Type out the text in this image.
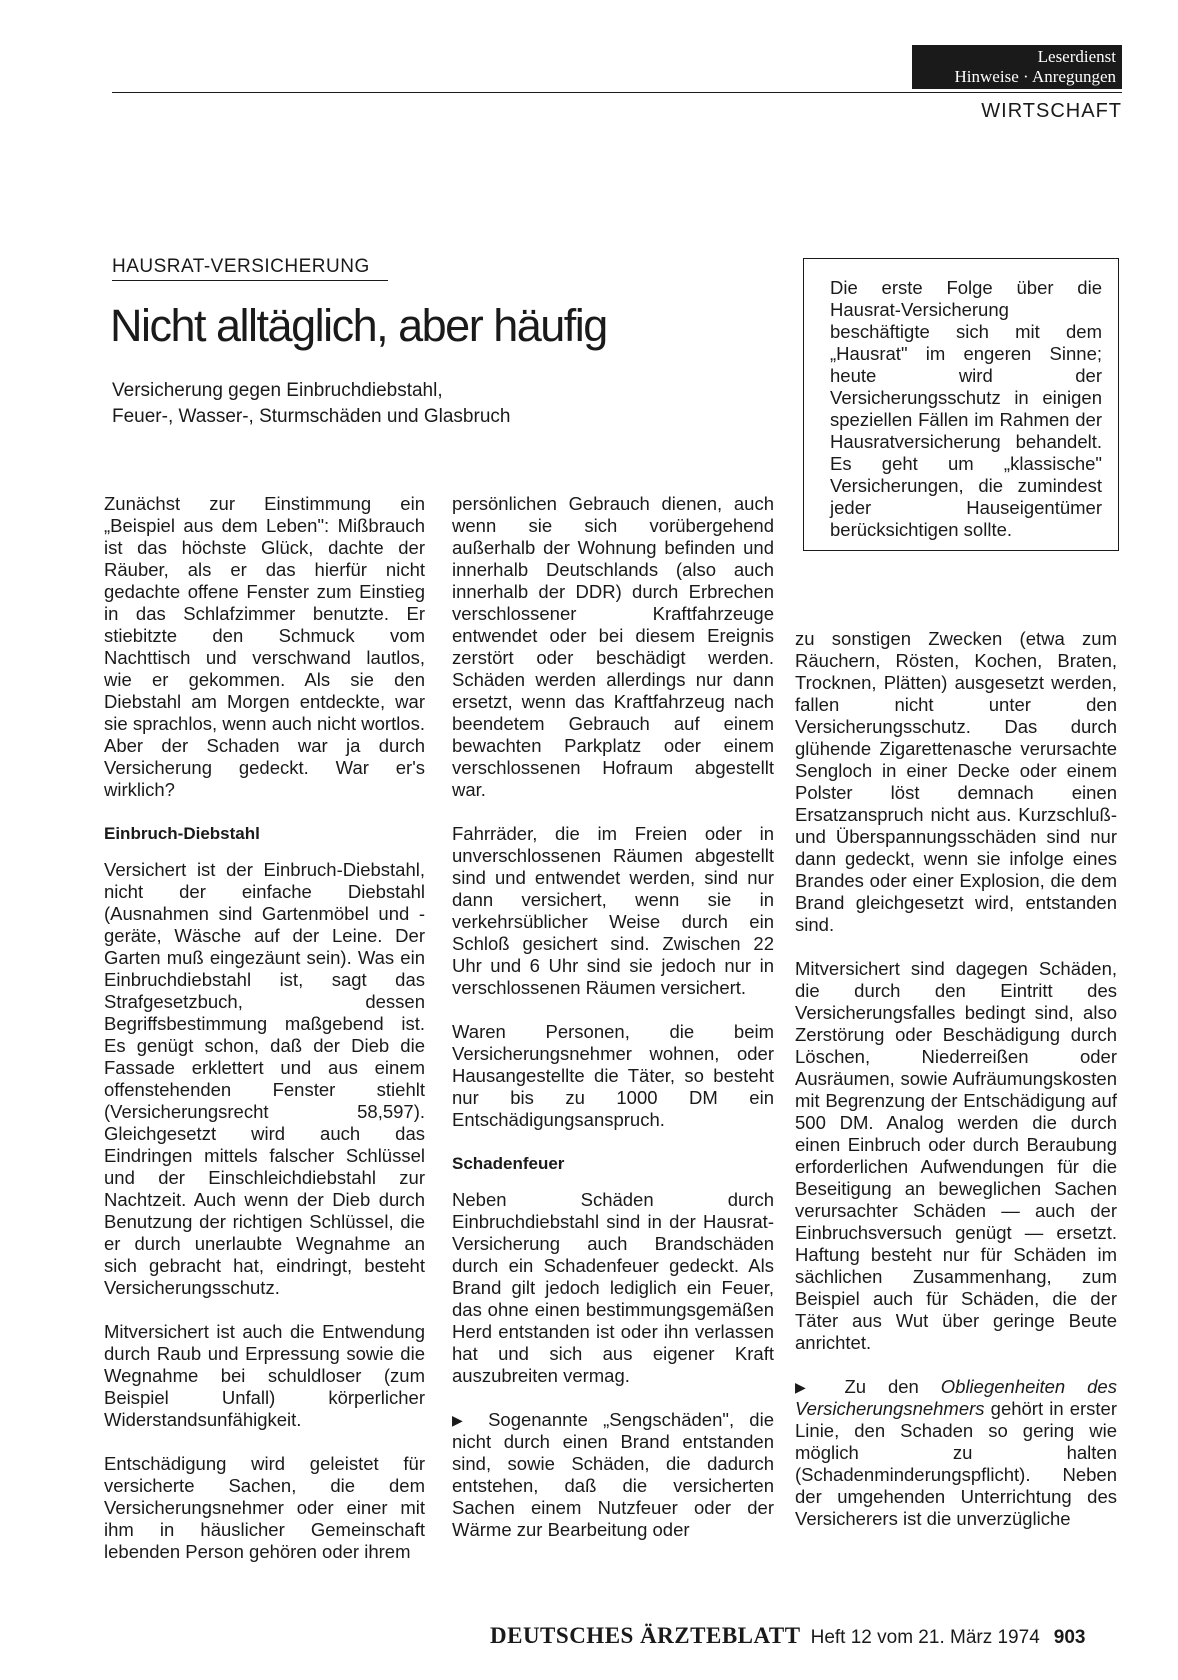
Leserdienst
Hinweise · Anregungen
WIRTSCHAFT
HAUSRAT-VERSICHERUNG
Nicht alltäglich, aber häufig
Versicherung gegen Einbruchdiebstahl,
Feuer-, Wasser-, Sturmschäden und Glasbruch
Die erste Folge über die Hausrat-Versicherung beschäftigte sich mit dem „Hausrat" im engeren Sinne; heute wird der Versicherungsschutz in einigen speziellen Fällen im Rahmen der Hausratversicherung behandelt. Es geht um „klassische" Versicherungen, die zumindest jeder Hauseigentümer berücksichtigen sollte.

Zunächst zur Einstimmung ein „Beispiel aus dem Leben": Mißbrauch ist das höchste Glück, dachte der Räuber, als er das hierfür nicht gedachte offene Fenster zum Einstieg in das Schlafzimmer benutzte. Er stiebitzte den Schmuck vom Nachttisch und verschwand lautlos, wie er gekommen. Als sie den Diebstahl am Morgen entdeckte, war sie sprachlos, wenn auch nicht wortlos. Aber der Schaden war ja durch Versicherung gedeckt. War er's wirklich?

Einbruch-Diebstahl

Versichert ist der Einbruch-Diebstahl, nicht der einfache Diebstahl (Ausnahmen sind Gartenmöbel und -geräte, Wäsche auf der Leine. Der Garten muß eingezäunt sein). Was ein Einbruchdiebstahl ist, sagt das Strafgesetzbuch, dessen Begriffsbestimmung maßgebend ist. Es genügt schon, daß der Dieb die Fassade erklettert und aus einem offenstehenden Fenster stiehlt (Versicherungsrecht 58,597). Gleichgesetzt wird auch das Eindringen mittels falscher Schlüssel und der Einschleichdiebstahl zur Nachtzeit. Auch wenn der Dieb durch Benutzung der richtigen Schlüssel, die er durch unerlaubte Wegnahme an sich gebracht hat, eindringt, besteht Versicherungsschutz.

Mitversichert ist auch die Entwendung durch Raub und Erpressung sowie die Wegnahme bei schuldloser (zum Beispiel Unfall) körperlicher Widerstandsunfähigkeit.

Entschädigung wird geleistet für versicherte Sachen, die dem Versicherungsnehmer oder einer mit ihm in häuslicher Gemeinschaft lebenden Person gehören oder ihrem

persönlichen Gebrauch dienen, auch wenn sie sich vorübergehend außerhalb der Wohnung befinden und innerhalb Deutschlands (also auch innerhalb der DDR) durch Erbrechen verschlossener Kraftfahrzeuge entwendet oder bei diesem Ereignis zerstört oder beschädigt werden. Schäden werden allerdings nur dann ersetzt, wenn das Kraftfahrzeug nach beendetem Gebrauch auf einem bewachten Parkplatz oder einem verschlossenen Hofraum abgestellt war.

Fahrräder, die im Freien oder in unverschlossenen Räumen abgestellt sind und entwendet werden, sind nur dann versichert, wenn sie in verkehrsüblicher Weise durch ein Schloß gesichert sind. Zwischen 22 Uhr und 6 Uhr sind sie jedoch nur in verschlossenen Räumen versichert.

Waren Personen, die beim Versicherungsnehmer wohnen, oder Hausangestellte die Täter, so besteht nur bis zu 1000 DM ein Entschädigungsanspruch.

Schadenfeuer

Neben Schäden durch Einbruchdiebstahl sind in der Hausrat-Versicherung auch Brandschäden durch ein Schadenfeuer gedeckt. Als Brand gilt jedoch lediglich ein Feuer, das ohne einen bestimmungsgemäßen Herd entstanden ist oder ihn verlassen hat und sich aus eigener Kraft auszubreiten vermag.

▶ Sogenannte „Sengschäden", die nicht durch einen Brand entstanden sind, sowie Schäden, die dadurch entstehen, daß die versicherten Sachen einem Nutzfeuer oder der Wärme zur Bearbeitung oder

zu sonstigen Zwecken (etwa zum Räuchern, Rösten, Kochen, Braten, Trocknen, Plätten) ausgesetzt werden, fallen nicht unter den Versicherungsschutz. Das durch glühende Zigarettenasche verursachte Sengloch in einer Decke oder einem Polster löst demnach einen Ersatzanspruch nicht aus. Kurzschluß- und Überspannungsschäden sind nur dann gedeckt, wenn sie infolge eines Brandes oder einer Explosion, die dem Brand gleichgesetzt wird, entstanden sind.

Mitversichert sind dagegen Schäden, die durch den Eintritt des Versicherungsfalles bedingt sind, also Zerstörung oder Beschädigung durch Löschen, Niederreißen oder Ausräumen, sowie Aufräumungskosten mit Begrenzung der Entschädigung auf 500 DM. Analog werden die durch einen Einbruch oder durch Beraubung erforderlichen Aufwendungen für die Beseitigung an beweglichen Sachen verursachter Schäden — auch der Einbruchsversuch genügt — ersetzt. Haftung besteht nur für Schäden im sächlichen Zusammenhang, zum Beispiel auch für Schäden, die der Täter aus Wut über geringe Beute anrichtet.

▶ Zu den Obliegenheiten des Versicherungsnehmers gehört in erster Linie, den Schaden so gering wie möglich zu halten (Schadenminderungspflicht). Neben der umgehenden Unterrichtung des Versicherers ist die unverzügliche

DEUTSCHES ÄRZTEBLATT Heft 12 vom 21. März 1974 903
